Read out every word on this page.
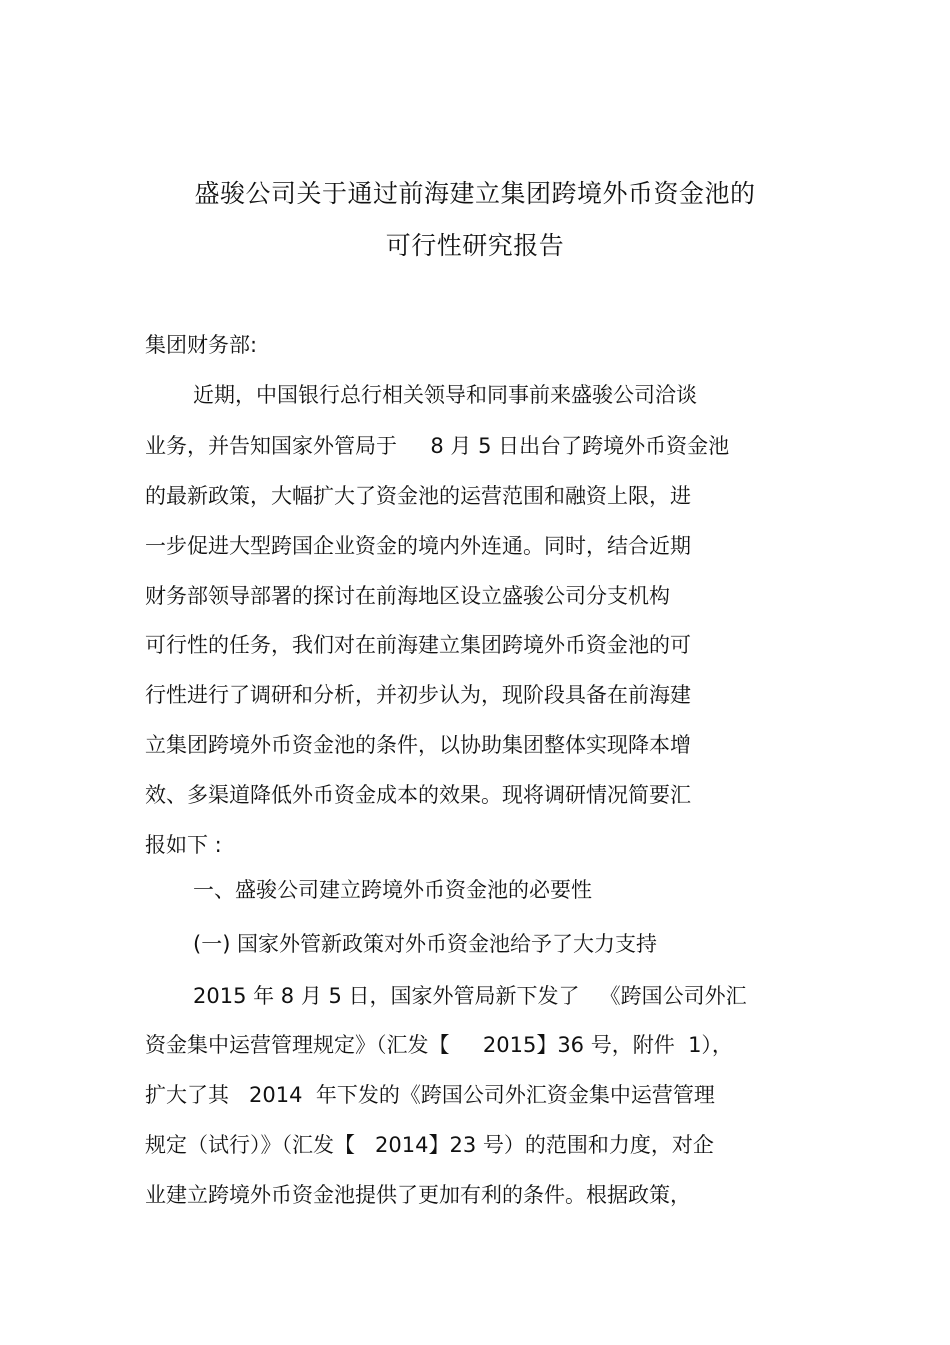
盛骏公司关于通过前海建立集团跨境外币资金池的
可行性研究报告
集团财务部:
近期，中国银行总行相关领导和同事前来盛骏公司洽谈
业务，并告知国家外管局于     8 月 5 日出台了跨境外币资金池
的最新政策，大幅扩大了资金池的运营范围和融资上限，进
一步促进大型跨国企业资金的境内外连通。同时，结合近期
财务部领导部署的探讨在前海地区设立盛骏公司分支机构
可行性的任务，我们对在前海建立集团跨境外币资金池的可
行性进行了调研和分析，并初步认为，现阶段具备在前海建
立集团跨境外币资金池的条件，以协助集团整体实现降本增
效、多渠道降低外币资金成本的效果。现将调研情况简要汇
报如下 :
一、盛骏公司建立跨境外币资金池的必要性
(一) 国家外管新政策对外币资金池给予了大力支持
2015 年 8 月 5 日，国家外管局新下发了   《跨国公司外汇
资金集中运营管理规定》（汇发【     2015】36 号，附件  1），
扩大了其   2014  年下发的《跨国公司外汇资金集中运营管理
规定（试行）》（汇发【   2014】23 号）的范围和力度，对企
业建立跨境外币资金池提供了更加有利的条件。根据政策，
